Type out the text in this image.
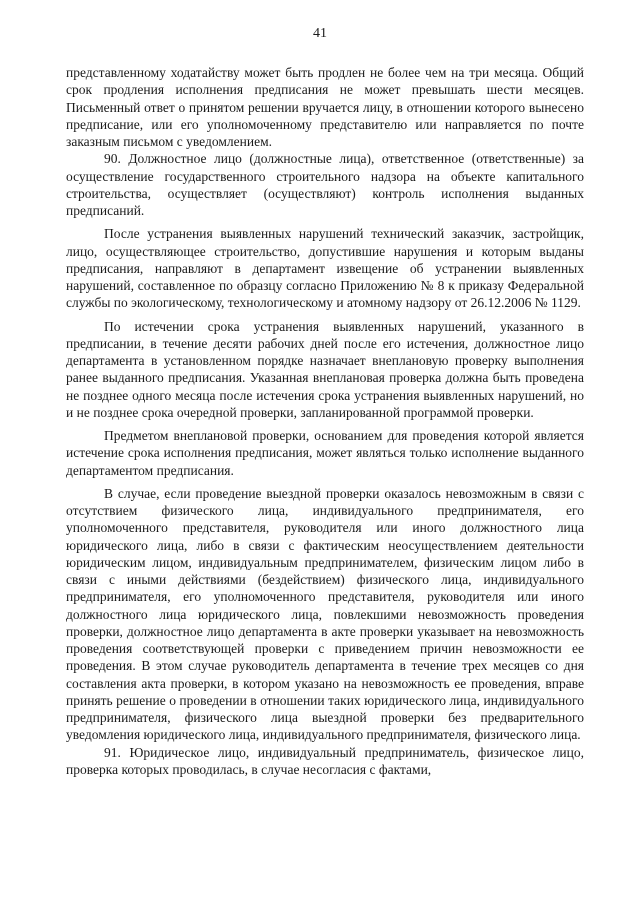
41

представленному ходатайству может быть продлен не более чем на три месяца. Общий срок продления исполнения предписания не может превышать шести месяцев. Письменный ответ о принятом решении вручается лицу, в отношении которого вынесено предписание, или его уполномоченному представителю или направляется по почте заказным письмом с уведомлением.

90. Должностное лицо (должностные лица), ответственное (ответственные) за осуществление государственного строительного надзора на объекте капитального строительства, осуществляет (осуществляют) контроль исполнения выданных предписаний.

После устранения выявленных нарушений технический заказчик, застройщик, лицо, осуществляющее строительство, допустившие нарушения и которым выданы предписания, направляют в департамент извещение об устранении выявленных нарушений, составленное по образцу согласно Приложению № 8 к приказу Федеральной службы по экологическому, технологическому и атомному надзору от 26.12.2006 № 1129.

По истечении срока устранения выявленных нарушений, указанного в предписании, в течение десяти рабочих дней после его истечения, должностное лицо департамента в установленном порядке назначает внеплановую проверку выполнения ранее выданного предписания. Указанная внеплановая проверка должна быть проведена не позднее одного месяца после истечения срока устранения выявленных нарушений, но и не позднее срока очередной проверки, запланированной программой проверки.

Предметом внеплановой проверки, основанием для проведения которой является истечение срока исполнения предписания, может являться только исполнение выданного департаментом предписания.

В случае, если проведение выездной проверки оказалось невозможным в связи с отсутствием физического лица, индивидуального предпринимателя, его уполномоченного представителя, руководителя или иного должностного лица юридического лица, либо в связи с фактическим неосуществлением деятельности юридическим лицом, индивидуальным предпринимателем, физическим лицом либо в связи с иными действиями (бездействием) физического лица, индивидуального предпринимателя, его уполномоченного представителя, руководителя или иного должностного лица юридического лица, повлекшими невозможность проведения проверки, должностное лицо департамента в акте проверки указывает на невозможность проведения соответствующей проверки с приведением причин невозможности ее проведения. В этом случае руководитель департамента в течение трех месяцев со дня составления акта проверки, в котором указано на невозможность ее проведения, вправе принять решение о проведении в отношении таких юридического лица, индивидуального предпринимателя, физического лица выездной проверки без предварительного уведомления юридического лица, индивидуального предпринимателя, физического лица.

91. Юридическое лицо, индивидуальный предприниматель, физическое лицо, проверка которых проводилась, в случае несогласия с фактами,
